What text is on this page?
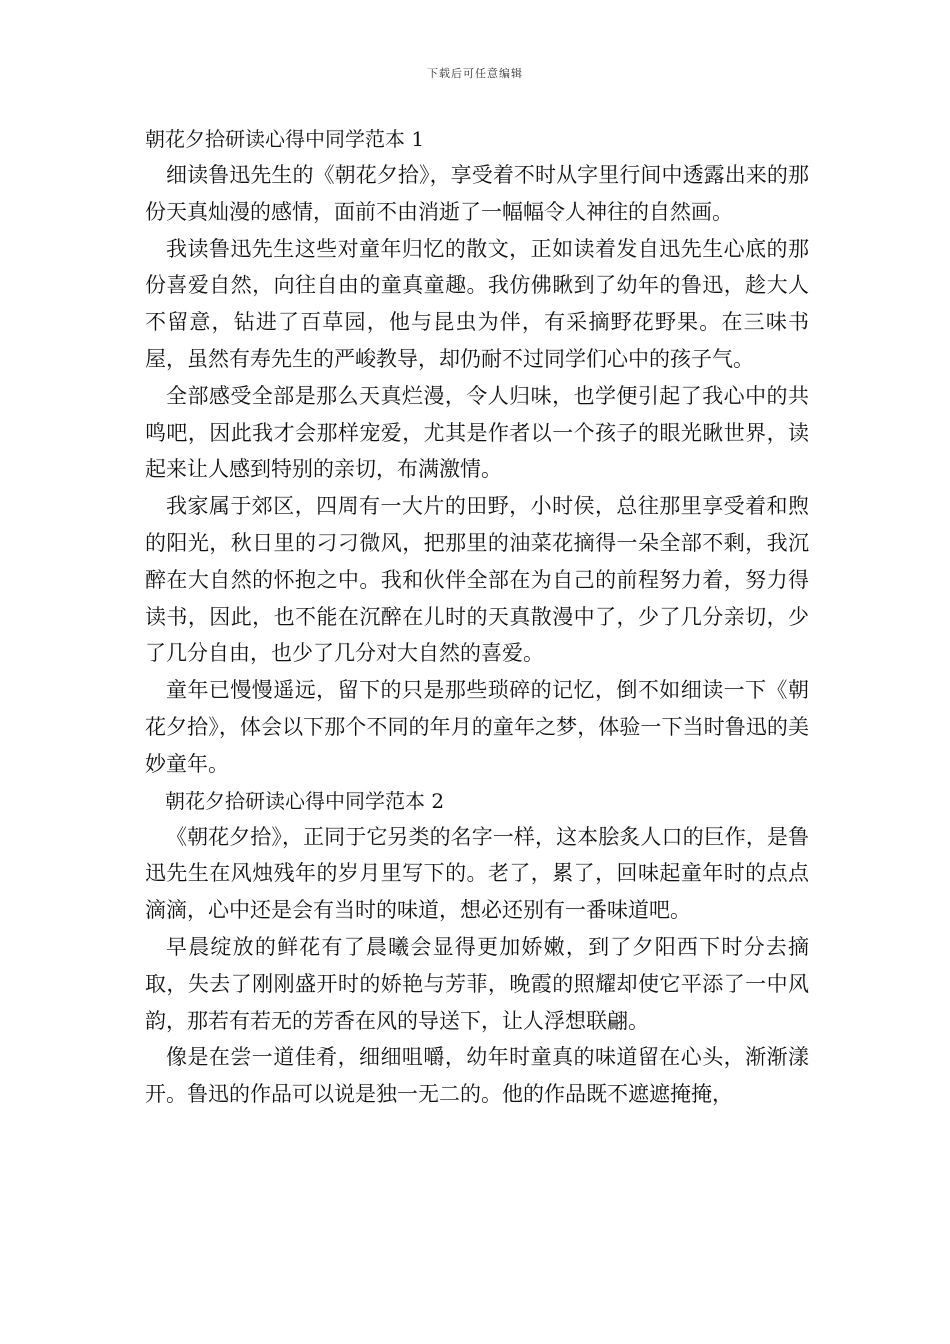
下载后可任意编辑
朝花夕拾研读心得中同学范本 1

细读鲁迅先生的《朝花夕拾》，享受着不时从字里行间中透露出来的那份天真灿漫的感情，面前不由消逝了一幅幅令人神往的自然画。

我读鲁迅先生这些对童年归忆的散文，正如读着发自迅先生心底的那份喜爱自然，向往自由的童真童趣。我仿佛瞅到了幼年的鲁迅，趁大人不留意，钻进了百草园，他与昆虫为伴，有采摘野花野果。在三味书屋，虽然有寿先生的严峻教导，却仍耐不过同学们心中的孩子气。

全部感受全部是那么天真烂漫，令人归味，也学便引起了我心中的共鸣吧，因此我才会那样宠爱，尤其是作者以一个孩子的眼光瞅世界，读起来让人感到特别的亲切，布满激情。

我家属于郊区，四周有一大片的田野，小时侯，总往那里享受着和煦的阳光，秋日里的刁刁微风，把那里的油菜花摘得一朵全部不剩，我沉醉在大自然的怀抱之中。我和伙伴全部在为自己的前程努力着，努力得读书，因此，也不能在沉醉在儿时的天真散漫中了，少了几分亲切，少了几分自由，也少了几分对大自然的喜爱。

童年已慢慢遥远，留下的只是那些琐碎的记忆，倒不如细读一下《朝花夕拾》，体会以下那个不同的年月的童年之梦，体验一下当时鲁迅的美妙童年。

朝花夕拾研读心得中同学范本 2

《朝花夕拾》，正同于它另类的名字一样，这本脍炙人口的巨作，是鲁迅先生在风烛残年的岁月里写下的。老了，累了，回味起童年时的点点滴滴，心中还是会有当时的味道，想必还别有一番味道吧。

早晨绽放的鲜花有了晨曦会显得更加娇嫩，到了夕阳西下时分去摘取，失去了刚刚盛开时的娇艳与芳菲，晚霞的照耀却使它平添了一中风韵，那若有若无的芳香在风的导送下，让人浮想联翩。

像是在尝一道佳肴，细细咀嚼，幼年时童真的味道留在心头，渐渐漾开。鲁迅的作品可以说是独一无二的。他的作品既不遮遮掩掩，
